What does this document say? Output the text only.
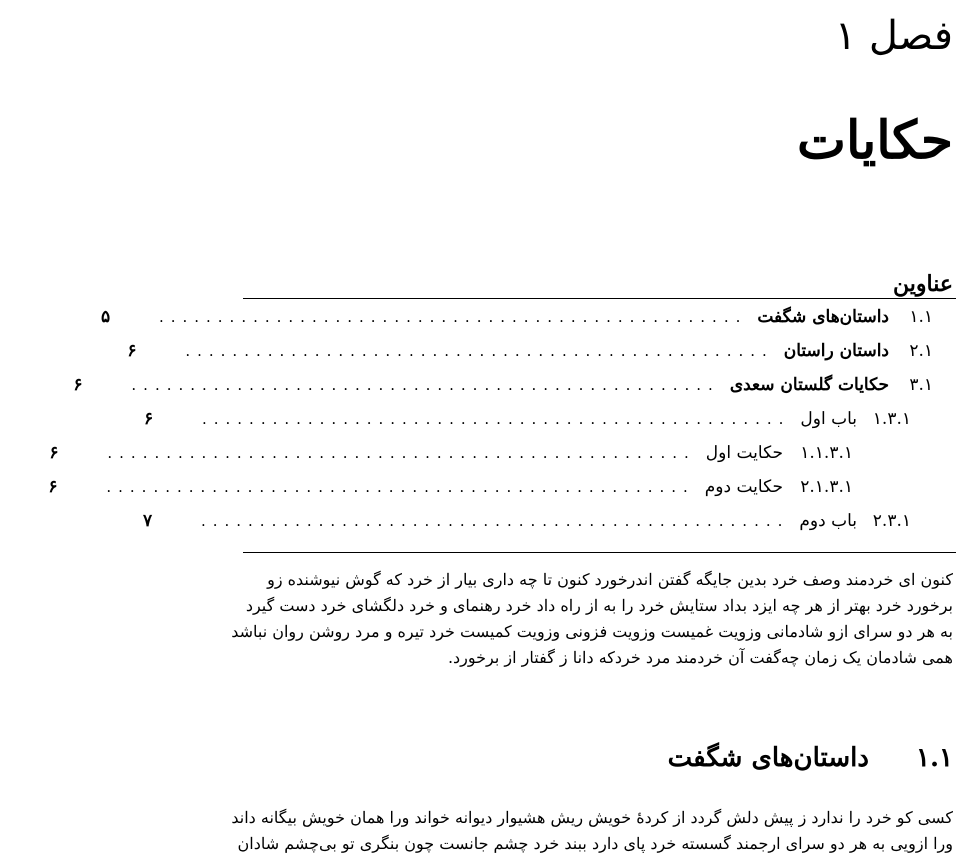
فصل ۱
حکایات
عناوین
۱.۱
داستان‌های شگفت
..................................................
۵
۲.۱
داستان راستان
..................................................
۶
۳.۱
حکایات گلستان سعدی
..................................................
۶
۱.۳.۱
باب اول
..................................................
۶
۱.۱.۳.۱
حکایت اول
..................................................
۶
۲.۱.۳.۱
حکایت دوم
..................................................
۶
۲.۳.۱
باب دوم
..................................................
۷
کنون ای خردمند وصف خرد بدین جایگه گفتن اندرخورد کنون تا چه داری بیار از خرد که گوش نیوشنده زو
برخورد خرد بهتر از هر چه ایزد بداد ستایش خرد را به از راه داد خرد رهنمای و خرد دلگشای خرد دست گیرد
به هر دو سرای ازو شادمانی وزویت غمیست وزویت فزونی وزویت کمیست خرد تیره و مرد روشن روان نباشد
همی شادمان یک زمان چه‌گفت آن خردمند مرد خردکه دانا ز گفتار از برخورد.
۱.۱ داستان‌های شگفت
کسی کو خرد را ندارد ز پیش دلش گردد از کردهٔ خویش ریش هشیوار دیوانه خواند ورا همان خویش بیگانه داند
ورا ازویی به هر دو سرای ارجمند گسسته خرد پای دارد ببند خرد چشم جانست چون بنگری تو بی‌چشم شادان
